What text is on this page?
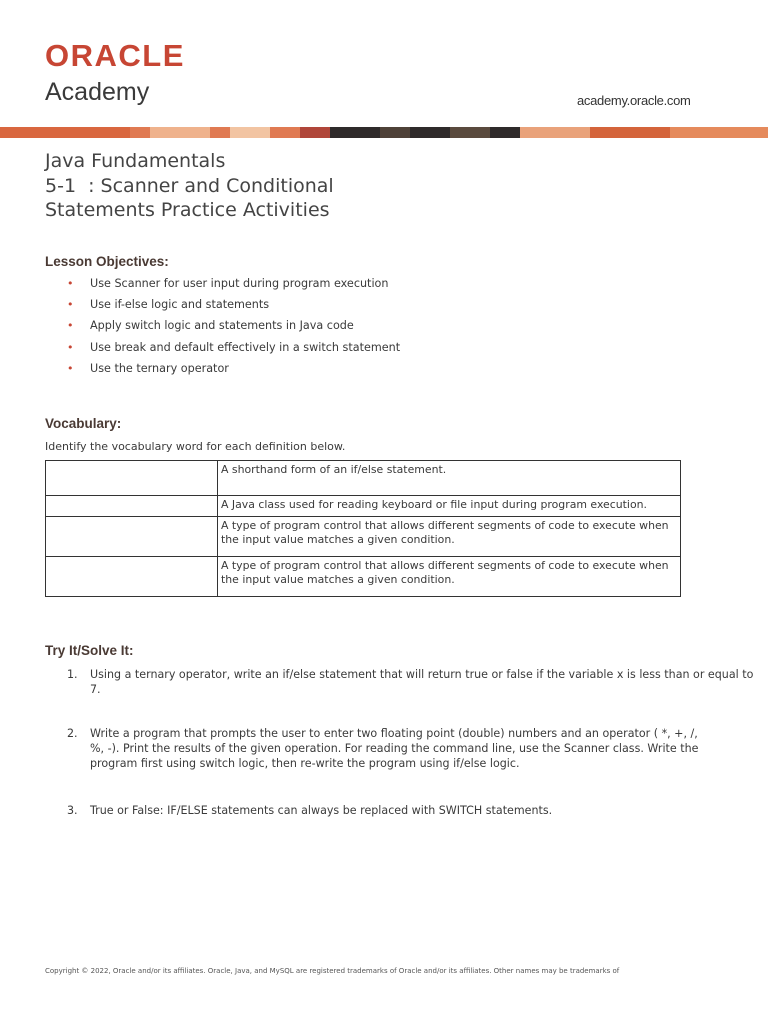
ORACLE
Academy	academy.oracle.com
Java Fundamentals
5-1  : Scanner and Conditional
Statements Practice Activities
Lesson Objectives:
• Use Scanner for user input during program execution
• Use if-else logic and statements
• Apply switch logic and statements in Java code
• Use break and default effectively in a switch statement
• Use the ternary operator
Vocabulary:
Identify the vocabulary word for each definition below.
	A shorthand form of an if/else statement.
	A Java class used for reading keyboard or file input during program execution.
	A type of program control that allows different segments of code to execute when the input value matches a given condition.
	A type of program control that allows different segments of code to execute when the input value matches a given condition.
Try It/Solve It:
1. Using a ternary operator, write an if/else statement that will return true or false if the variable x is less than or equal to 7.
2. Write a program that prompts the user to enter two floating point (double) numbers and an operator ( *, +, /, %, -). Print the results of the given operation. For reading the command line, use the Scanner class. Write the program first using switch logic, then re-write the program using if/else logic.
3. True or False: IF/ELSE statements can always be replaced with SWITCH statements.
Copyright © 2022, Oracle and/or its affiliates. Oracle, Java, and MySQL are registered trademarks of Oracle and/or its affiliates. Other names may be trademarks of
